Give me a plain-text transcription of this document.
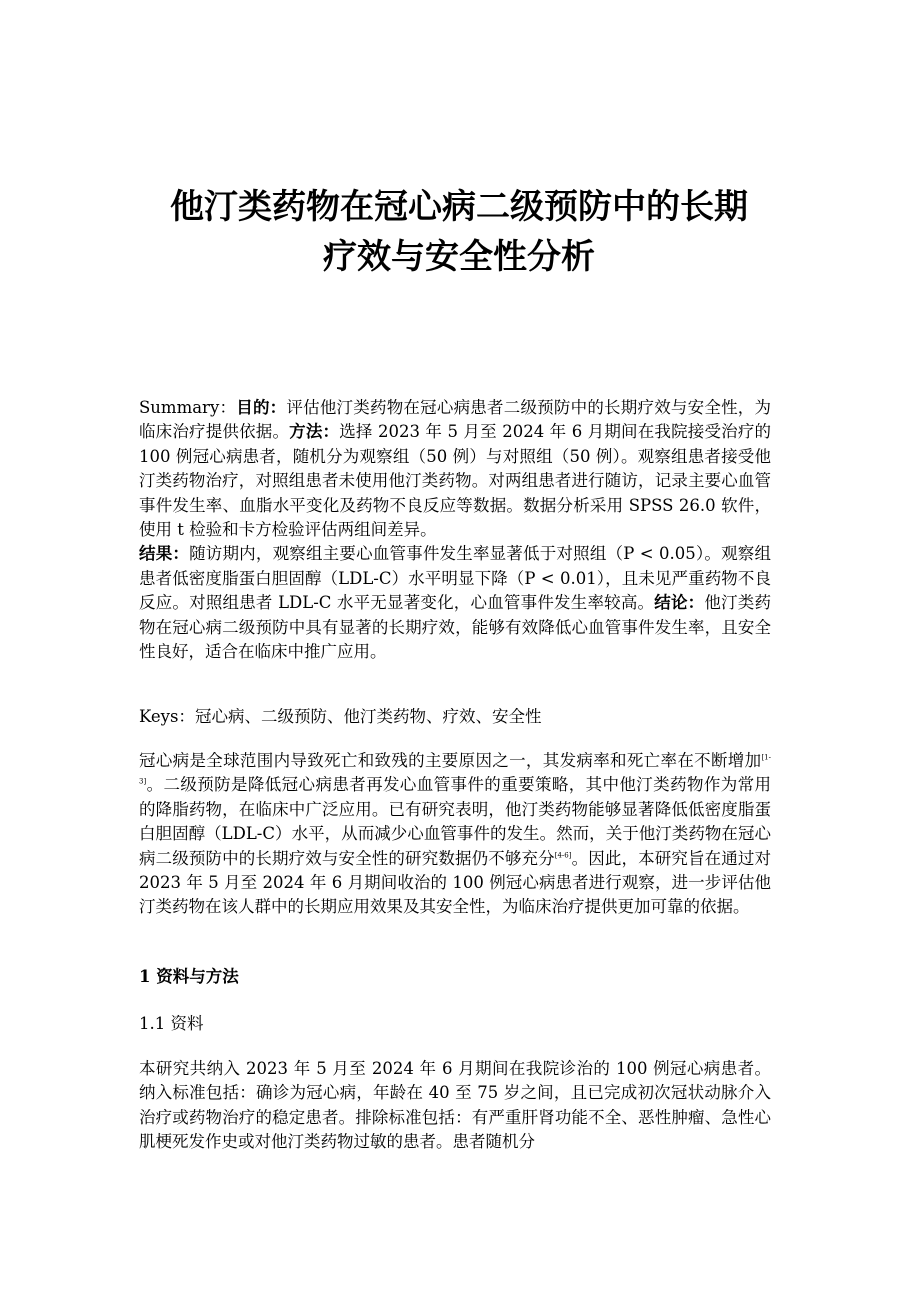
他汀类药物在冠心病二级预防中的长期
疗效与安全性分析
Summary：目的：评估他汀类药物在冠心病患者二级预防中的长期疗效与安全性，为临床治疗提供依据。方法：选择 2023 年 5 月至 2024 年 6 月期间在我院接受治疗的 100 例冠心病患者，随机分为观察组（50 例）与对照组（50 例）。观察组患者接受他汀类药物治疗，对照组患者未使用他汀类药物。对两组患者进行随访，记录主要心血管事件发生率、血脂水平变化及药物不良反应等数据。数据分析采用 SPSS 26.0 软件，使用 t 检验和卡方检验评估两组间差异。
结果：随访期内，观察组主要心血管事件发生率显著低于对照组（P < 0.05）。观察组患者低密度脂蛋白胆固醇（LDL-C）水平明显下降（P < 0.01），且未见严重药物不良反应。对照组患者 LDL-C 水平无显著变化，心血管事件发生率较高。结论：他汀类药物在冠心病二级预防中具有显著的长期疗效，能够有效降低心血管事件发生率，且安全性良好，适合在临床中推广应用。
Keys：冠心病、二级预防、他汀类药物、疗效、安全性
冠心病是全球范围内导致死亡和致残的主要原因之一，其发病率和死亡率在不断增加[1-3]。二级预防是降低冠心病患者再发心血管事件的重要策略，其中他汀类药物作为常用的降脂药物，在临床中广泛应用。已有研究表明，他汀类药物能够显著降低低密度脂蛋白胆固醇（LDL-C）水平，从而减少心血管事件的发生。然而，关于他汀类药物在冠心病二级预防中的长期疗效与安全性的研究数据仍不够充分[4-6]。因此，本研究旨在通过对 2023 年 5 月至 2024 年 6 月期间收治的 100 例冠心病患者进行观察，进一步评估他汀类药物在该人群中的长期应用效果及其安全性，为临床治疗提供更加可靠的依据。
1 资料与方法
1.1 资料
本研究共纳入 2023 年 5 月至 2024 年 6 月期间在我院诊治的 100 例冠心病患者。纳入标准包括：确诊为冠心病，年龄在 40 至 75 岁之间，且已完成初次冠状动脉介入治疗或药物治疗的稳定患者。排除标准包括：有严重肝肾功能不全、恶性肿瘤、急性心肌梗死发作史或对他汀类药物过敏的患者。患者随机分
